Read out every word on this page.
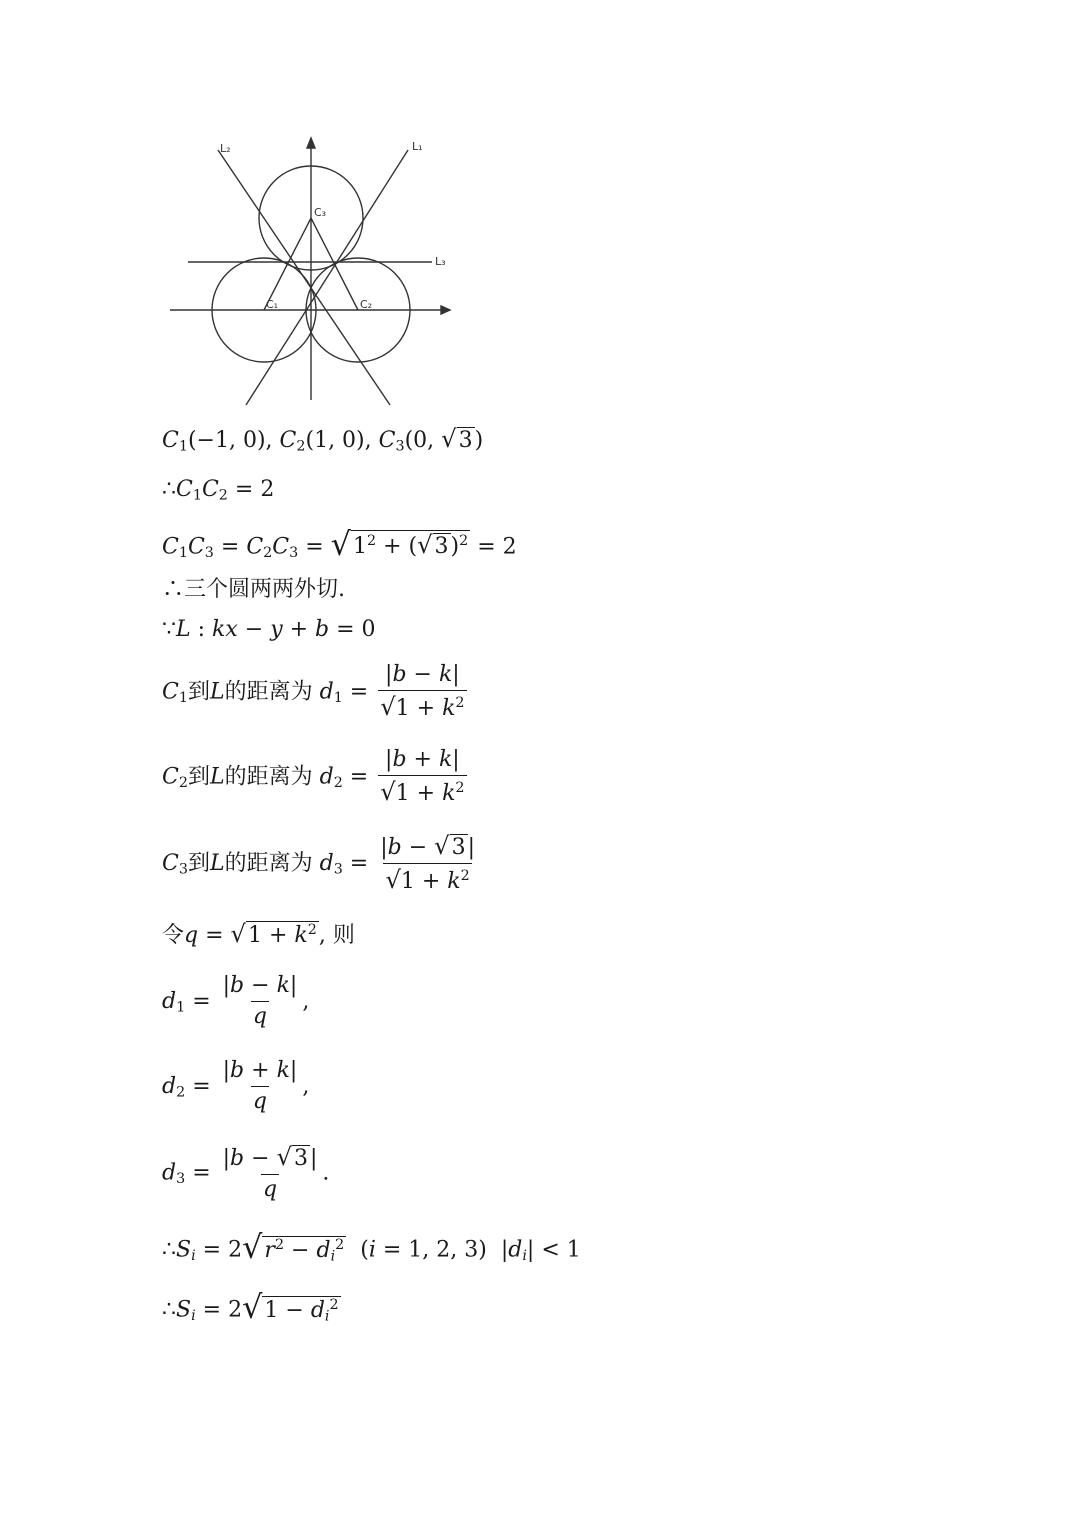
L₁
L₂
L₃
C₁	C₂
C₃
$C_1(-1$, 0), $C_2(1$, 0), $C_3(0$, √3)
$\therefore C_1C_2 = 2$
$C_1C_3 = C_2C_3 = √1^2 + (√3)^2 = 2$
∴三个圆两两外切.
∵L : kx − y + b = 0
$C_1$到L的距离为 $d_1 = \frac{|b - k|}{√1 + k^2}$
$C_2$到L的距离为 $d_2 = \frac{|b + k|}{√1 + k^2}$
$C_3$到L的距离为 $d_3 = \frac{|b - √3|}{√1 + k^2}$
令$q = √1 + k^2$, 则
$d_1 = \frac{|b - k|}{q}$ ,
$d_2 = \frac{|b + k|}{q}$ ,
$d_3 = \frac{|b - √3|}{q}$ .
$\therefore S_i = 2√r^2 - d_i^2$  (i = 1, 2, 3)  $|d_i| < 1$
$\therefore S_i = 2√1 - d_i^2$
